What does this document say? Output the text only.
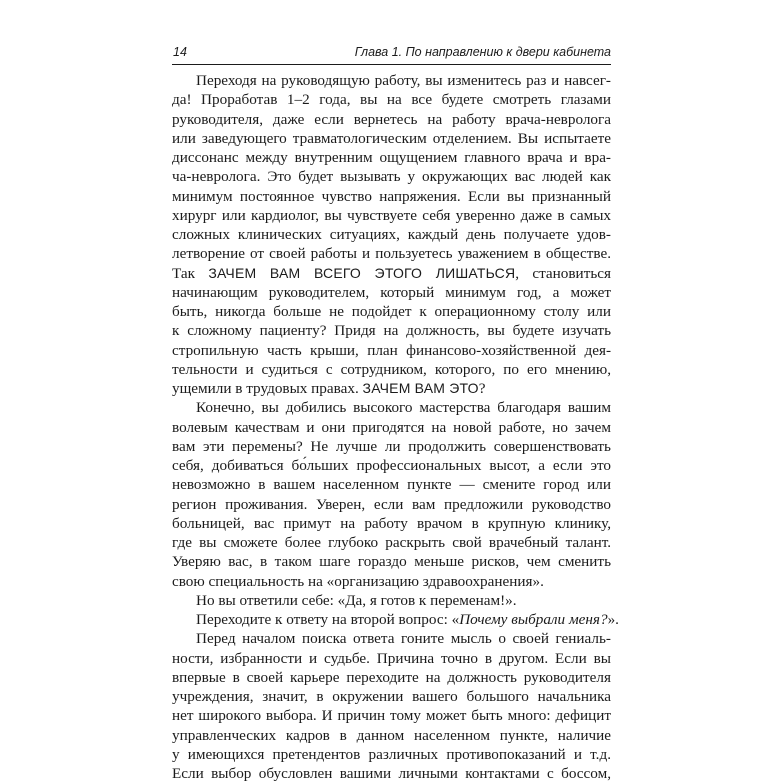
14	Глава 1. По направлению к двери кабинета
Переходя на руководящую работу, вы изменитесь раз и навсег-
да! Проработав 1–2 года, вы на все будете смотреть глазами
руководителя, даже если вернетесь на работу врача-невролога
или заведующего травматологическим отделением. Вы испытаете
диссонанс между внутренним ощущением главного врача и вра-
ча-невролога. Это будет вызывать у окружающих вас людей как
минимум постоянное чувство напряжения. Если вы признанный
хирург или кардиолог, вы чувствуете себя уверенно даже в самых
сложных клинических ситуациях, каждый день получаете удов-
летворение от своей работы и пользуетесь уважением в обществе.
Так ЗАЧЕМ ВАМ ВСЕГО ЭТОГО ЛИШАТЬСЯ, становиться
начинающим руководителем, который минимум год, а может
быть, никогда больше не подойдет к операционному столу или
к сложному пациенту? Придя на должность, вы будете изучать
стропильную часть крыши, план финансово-хозяйственной дея-
тельности и судиться с сотрудником, которого, по его мнению,
ущемили в трудовых правах. ЗАЧЕМ ВАМ ЭТО?
Конечно, вы добились высокого мастерства благодаря вашим
волевым качествам и они пригодятся на новой работе, но зачем
вам эти перемены? Не лучше ли продолжить совершенствовать
себя, добиваться бо́льших профессиональных высот, а если это
невозможно в вашем населенном пункте — смените город или
регион проживания. Уверен, если вам предложили руководство
больницей, вас примут на работу врачом в крупную клинику,
где вы сможете более глубоко раскрыть свой врачебный талант.
Уверяю вас, в таком шаге гораздо меньше рисков, чем сменить
свою специальность на «организацию здравоохранения».
Но вы ответили себе: «Да, я готов к переменам!».
Переходите к ответу на второй вопрос: «Почему выбрали меня?».
Перед началом поиска ответа гоните мысль о своей гениаль-
ности, избранности и судьбе. Причина точно в другом. Если вы
впервые в своей карьере переходите на должность руководителя
учреждения, значит, в окружении вашего большого начальника
нет широкого выбора. И причин тому может быть много: дефицит
управленческих кадров в данном населенном пункте, наличие
у имеющихся претендентов различных противопоказаний и т.д.
Если выбор обусловлен вашими личными контактами с боссом,
